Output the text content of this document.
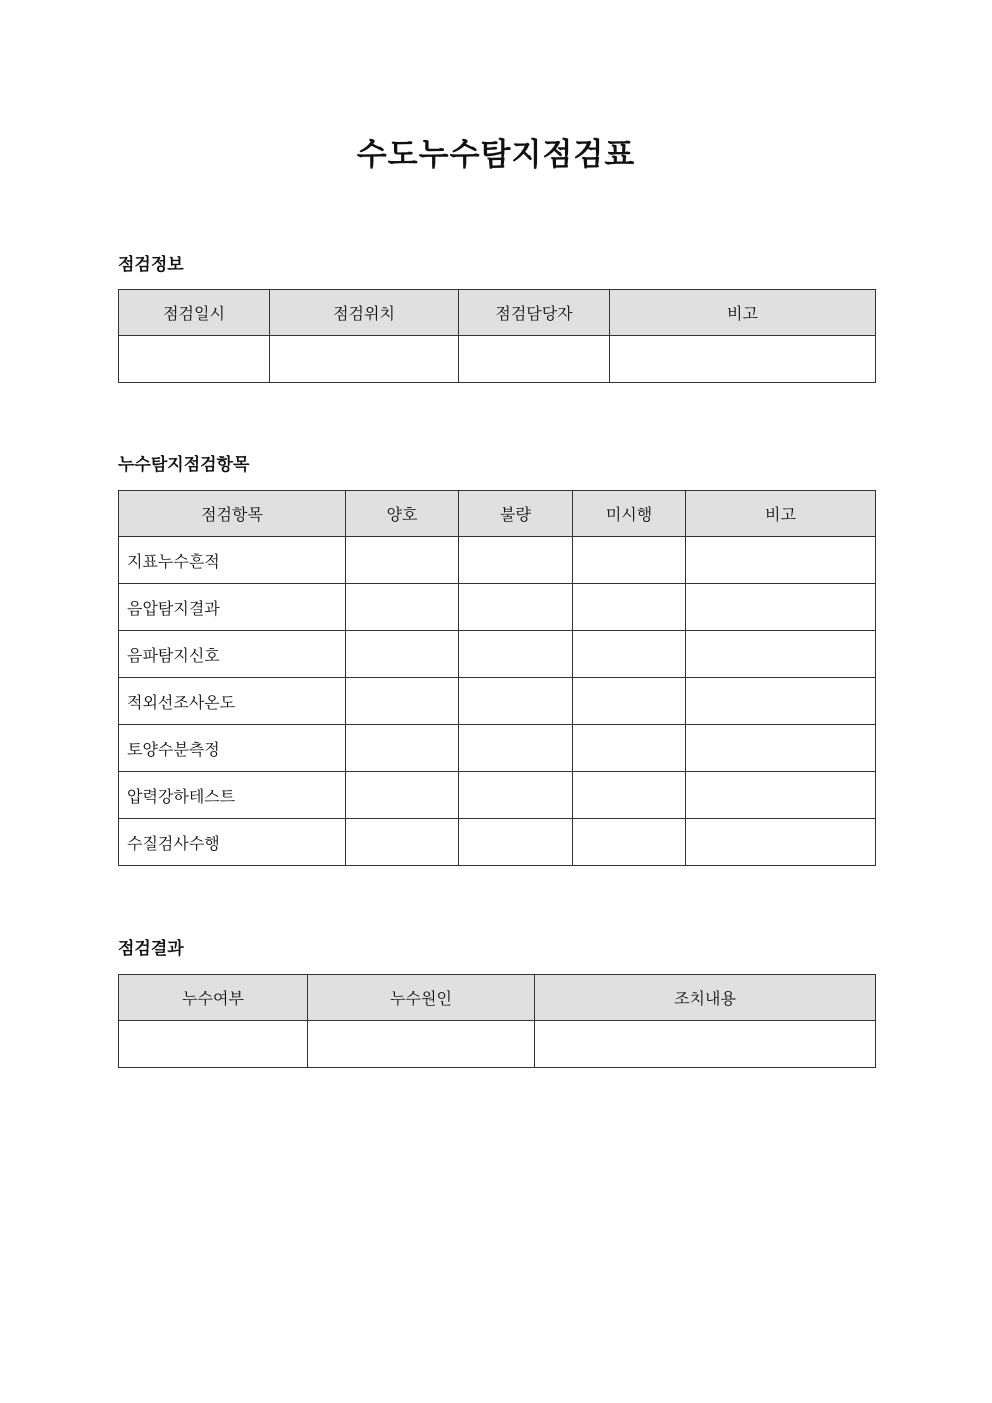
수도누수탐지점검표
점검정보
점검일시	점검위치	점검담당자	비고

누수탐지점검항목
점검항목	양호	불량	미시행	비고
지표누수흔적				
음압탐지결과				
음파탐지신호				
적외선조사온도				
토양수분측정				
압력강하테스트				
수질검사수행				
점검결과
누수여부	누수원인	조치내용
